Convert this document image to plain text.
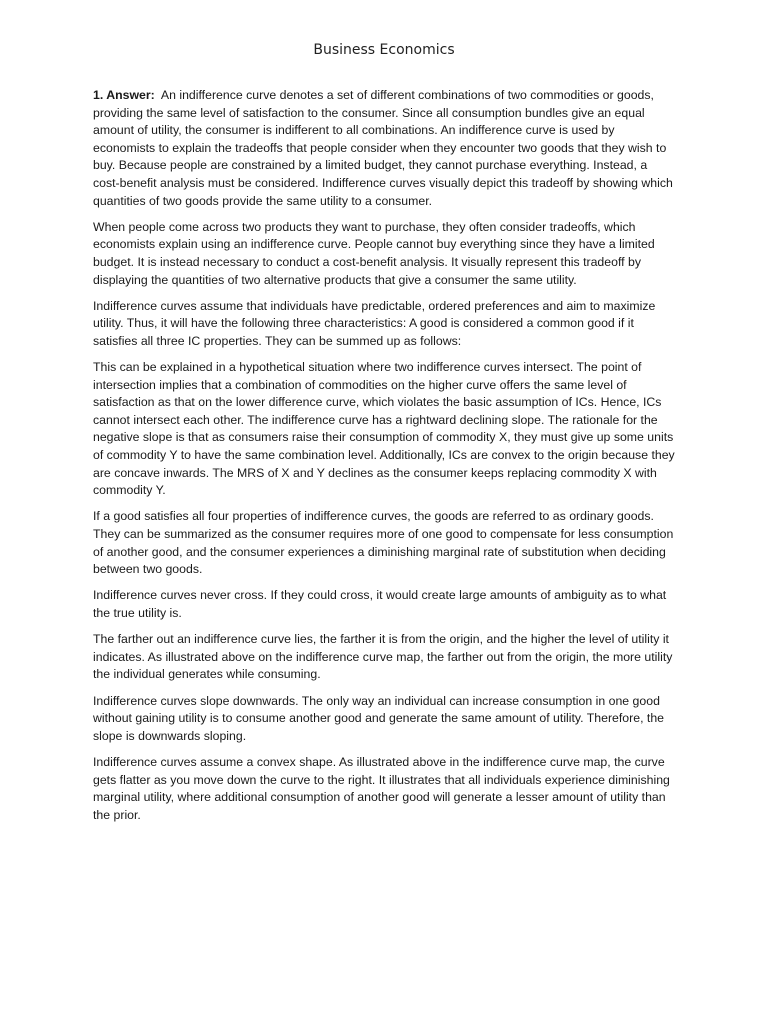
Business Economics

1. Answer: An indifference curve denotes a set of different combinations of two commodities or goods, providing the same level of satisfaction to the consumer. Since all consumption bundles give an equal amount of utility, the consumer is indifferent to all combinations. An indifference curve is used by economists to explain the tradeoffs that people consider when they encounter two goods that they wish to buy. Because people are constrained by a limited budget, they cannot purchase everything. Instead, a cost-benefit analysis must be considered. Indifference curves visually depict this tradeoff by showing which quantities of two goods provide the same utility to a consumer.

When people come across two products they want to purchase, they often consider tradeoffs, which economists explain using an indifference curve. People cannot buy everything since they have a limited budget. It is instead necessary to conduct a cost-benefit analysis. It visually represent this tradeoff by displaying the quantities of two alternative products that give a consumer the same utility.

Indifference curves assume that individuals have predictable, ordered preferences and aim to maximize utility. Thus, it will have the following three characteristics: A good is considered a common good if it satisfies all three IC properties. They can be summed up as follows:

This can be explained in a hypothetical situation where two indifference curves intersect. The point of intersection implies that a combination of commodities on the higher curve offers the same level of satisfaction as that on the lower difference curve, which violates the basic assumption of ICs. Hence, ICs cannot intersect each other. The indifference curve has a rightward declining slope. The rationale for the negative slope is that as consumers raise their consumption of commodity X, they must give up some units of commodity Y to have the same combination level. Additionally, ICs are convex to the origin because they are concave inwards. The MRS of X and Y declines as the consumer keeps replacing commodity X with commodity Y.

If a good satisfies all four properties of indifference curves, the goods are referred to as ordinary goods. They can be summarized as the consumer requires more of one good to compensate for less consumption of another good, and the consumer experiences a diminishing marginal rate of substitution when deciding between two goods.

Indifference curves never cross. If they could cross, it would create large amounts of ambiguity as to what the true utility is.

The farther out an indifference curve lies, the farther it is from the origin, and the higher the level of utility it indicates. As illustrated above on the indifference curve map, the farther out from the origin, the more utility the individual generates while consuming.

Indifference curves slope downwards. The only way an individual can increase consumption in one good without gaining utility is to consume another good and generate the same amount of utility. Therefore, the slope is downwards sloping.

Indifference curves assume a convex shape. As illustrated above in the indifference curve map, the curve gets flatter as you move down the curve to the right. It illustrates that all individuals experience diminishing marginal utility, where additional consumption of another good will generate a lesser amount of utility than the prior.
